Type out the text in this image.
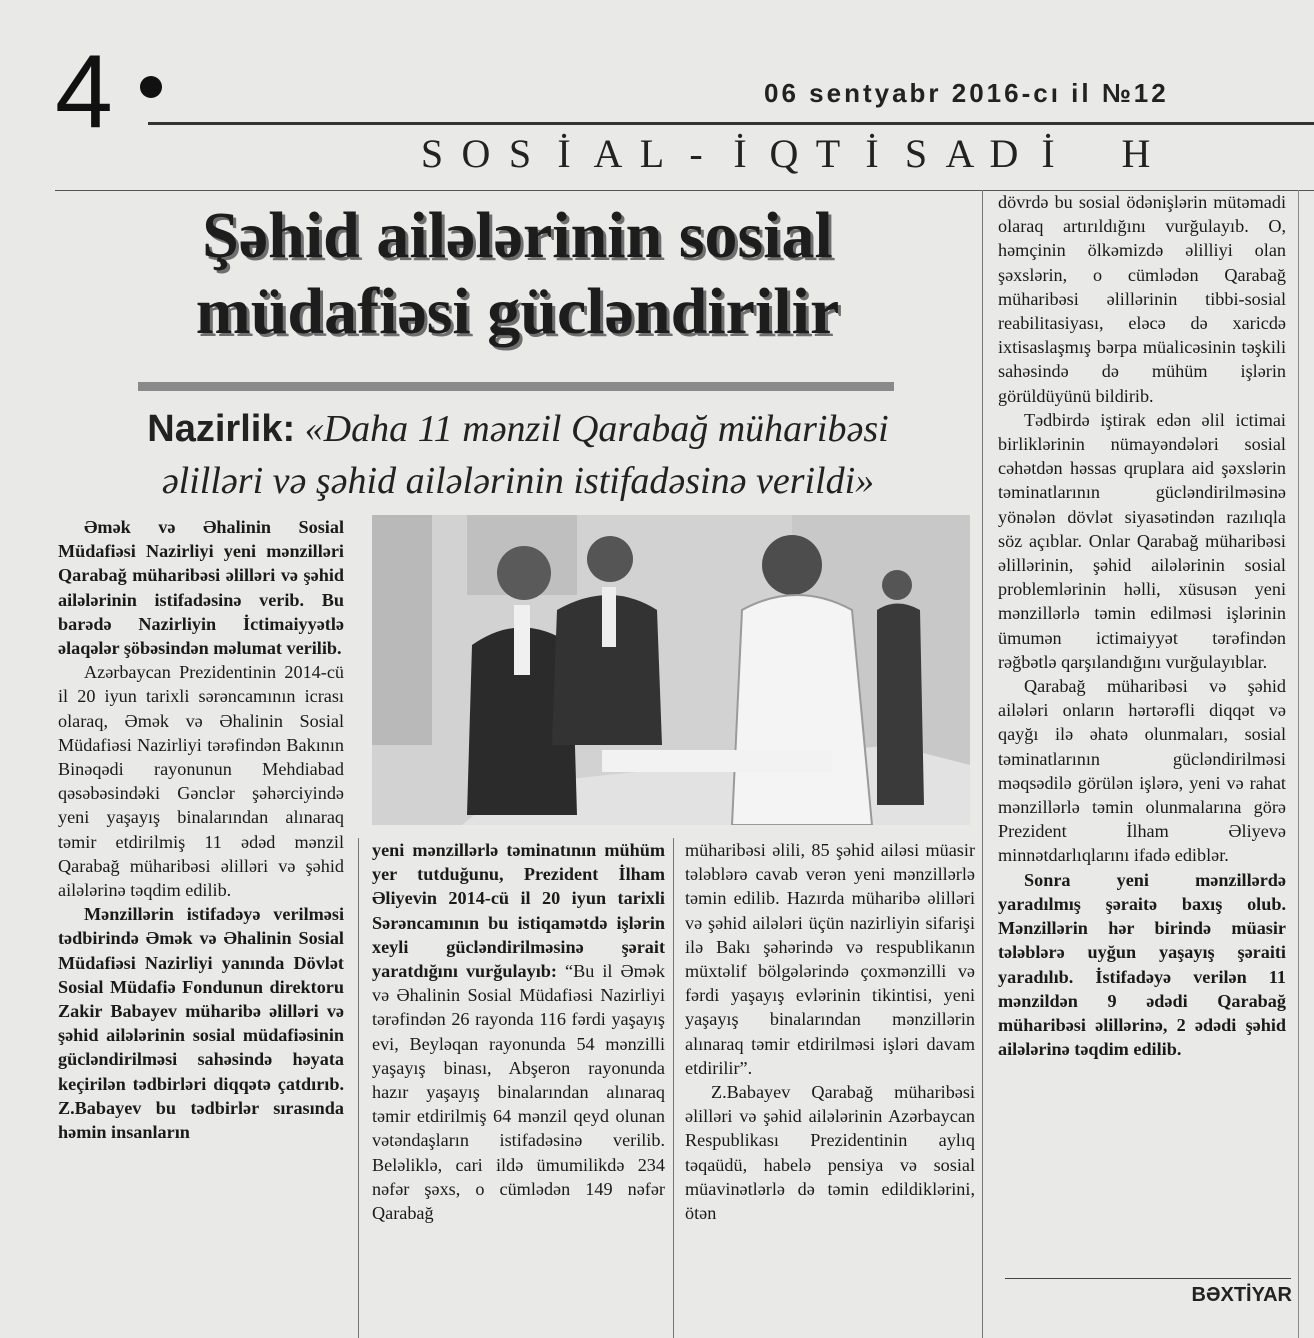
4	06 sentyabr 2016-cı il №12
S O S İ A L - İ Q T İ S A D İ H
Şəhid ailələrinin sosial
müdafiəsi gücləndirilir
Nazirlik: «Daha 11 mənzil Qarabağ müharibəsi
əlilləri və şəhid ailələrinin istifadəsinə verildi»

Əmək və Əhalinin Sosial Müdafiəsi Nazirliyi yeni mənzilləri Qarabağ müharibəsi əlilləri və şəhid ailələrinin istifadəsinə verib. Bu barədə Nazirliyin İctimaiyyətlə əlaqələr şöbəsindən məlumat verilib.

Azərbaycan Prezidentinin 2014-cü il 20 iyun tarixli sərəncamının icrası olaraq, Əmək və Əhalinin Sosial Müdafiəsi Nazirliyi tərəfindən Bakının Binəqədi rayonunun Mehdiabad qəsəbəsindəki Gənclər şəhərciyində yeni yaşayış binalarından alınaraq təmir etdirilmiş 11 ədəd mənzil Qarabağ müharibəsi əlilləri və şəhid ailələrinə təqdim edilib.

Mənzillərin istifadəyə verilməsi tədbirində Əmək və Əhalinin Sosial Müdafiəsi Nazirliyi yanında Dövlət Sosial Müdafiə Fondunun direktoru Zakir Babayev müharibə əlilləri və şəhid ailələrinin sosial müdafiəsinin gücləndirilməsi sahəsində həyata keçirilən tədbirləri diqqətə çatdırıb. Z.Babayev bu tədbirlər sırasında həmin insanların

yeni mənzillərlə təminatının mühüm yer tutduğunu, Prezident İlham Əliyevin 2014-cü il 20 iyun tarixli Sərəncamının bu istiqamətdə işlərin xeyli gücləndirilməsinə şərait yaratdığını vurğulayıb: “Bu il Əmək və Əhalinin Sosial Müdafiəsi Nazirliyi tərəfindən 26 rayonda 116 fərdi yaşayış evi, Beyləqan rayonunda 54 mənzilli yaşayış binası, Abşeron rayonunda hazır yaşayış binalarından alınaraq təmir etdirilmiş 64 mənzil qeyd olunan vətəndaşların istifadəsinə verilib. Beləliklə, cari ildə ümumilikdə 234 nəfər şəxs, o cümlədən 149 nəfər Qarabağ

müharibəsi əlili, 85 şəhid ailəsi müasir tələblərə cavab verən yeni mənzillərlə təmin edilib. Hazırda müharibə əlilləri və şəhid ailələri üçün nazirliyin sifarişi ilə Bakı şəhərində və respublikanın müxtəlif bölgələrində çoxmənzilli və fərdi yaşayış evlərinin tikintisi, yeni yaşayış binalarından mənzillərin alınaraq təmir etdirilməsi işləri davam etdirilir”.

Z.Babayev Qarabağ müharibəsi əlilləri və şəhid ailələrinin Azərbaycan Respublikası Prezidentinin aylıq təqaüdü, habelə pensiya və sosial müavinətlərlə də təmin edildiklərini, ötən

dövrdə bu sosial ödənişlərin mütəmadi olaraq artırıldığını vurğulayıb. O, həmçinin ölkəmizdə əlilliyi olan şəxslərin, o cümlədən Qarabağ müharibəsi əlillərinin tibbi-sosial reabilitasiyası, eləcə də xaricdə ixtisaslaşmış bərpa müalicəsinin təşkili sahəsində də mühüm işlərin görüldüyünü bildirib.

Tədbirdə iştirak edən əlil ictimai birliklərinin nümayəndələri sosial cəhətdən həssas qruplara aid şəxslərin təminatlarının gücləndirilməsinə yönələn dövlət siyasətindən razılıqla söz açıblar. Onlar Qarabağ müharibəsi əlillərinin, şəhid ailələrinin sosial problemlərinin həlli, xüsusən yeni mənzillərlə təmin edilməsi işlərinin ümumən ictimaiyyət tərəfindən rəğbətlə qarşılandığını vurğulayıblar.

Qarabağ müharibəsi və şəhid ailələri onların hərtərəfli diqqət və qayğı ilə əhatə olunmaları, sosial təminatlarının gücləndirilməsi məqsədilə görülən işlərə, yeni və rahat mənzillərlə təmin olunmalarına görə Prezident İlham Əliyevə minnətdarlıqlarını ifadə ediblər.

Sonra yeni mənzillərdə yaradılmış şəraitə baxış olub. Mənzillərin hər birində müasir tələblərə uyğun yaşayış şəraiti yaradılıb. İstifadəyə verilən 11 mənzildən 9 ədədi Qarabağ müharibəsi əlillərinə, 2 ədədi şəhid ailələrinə təqdim edilib.

BƏXTİYAR
